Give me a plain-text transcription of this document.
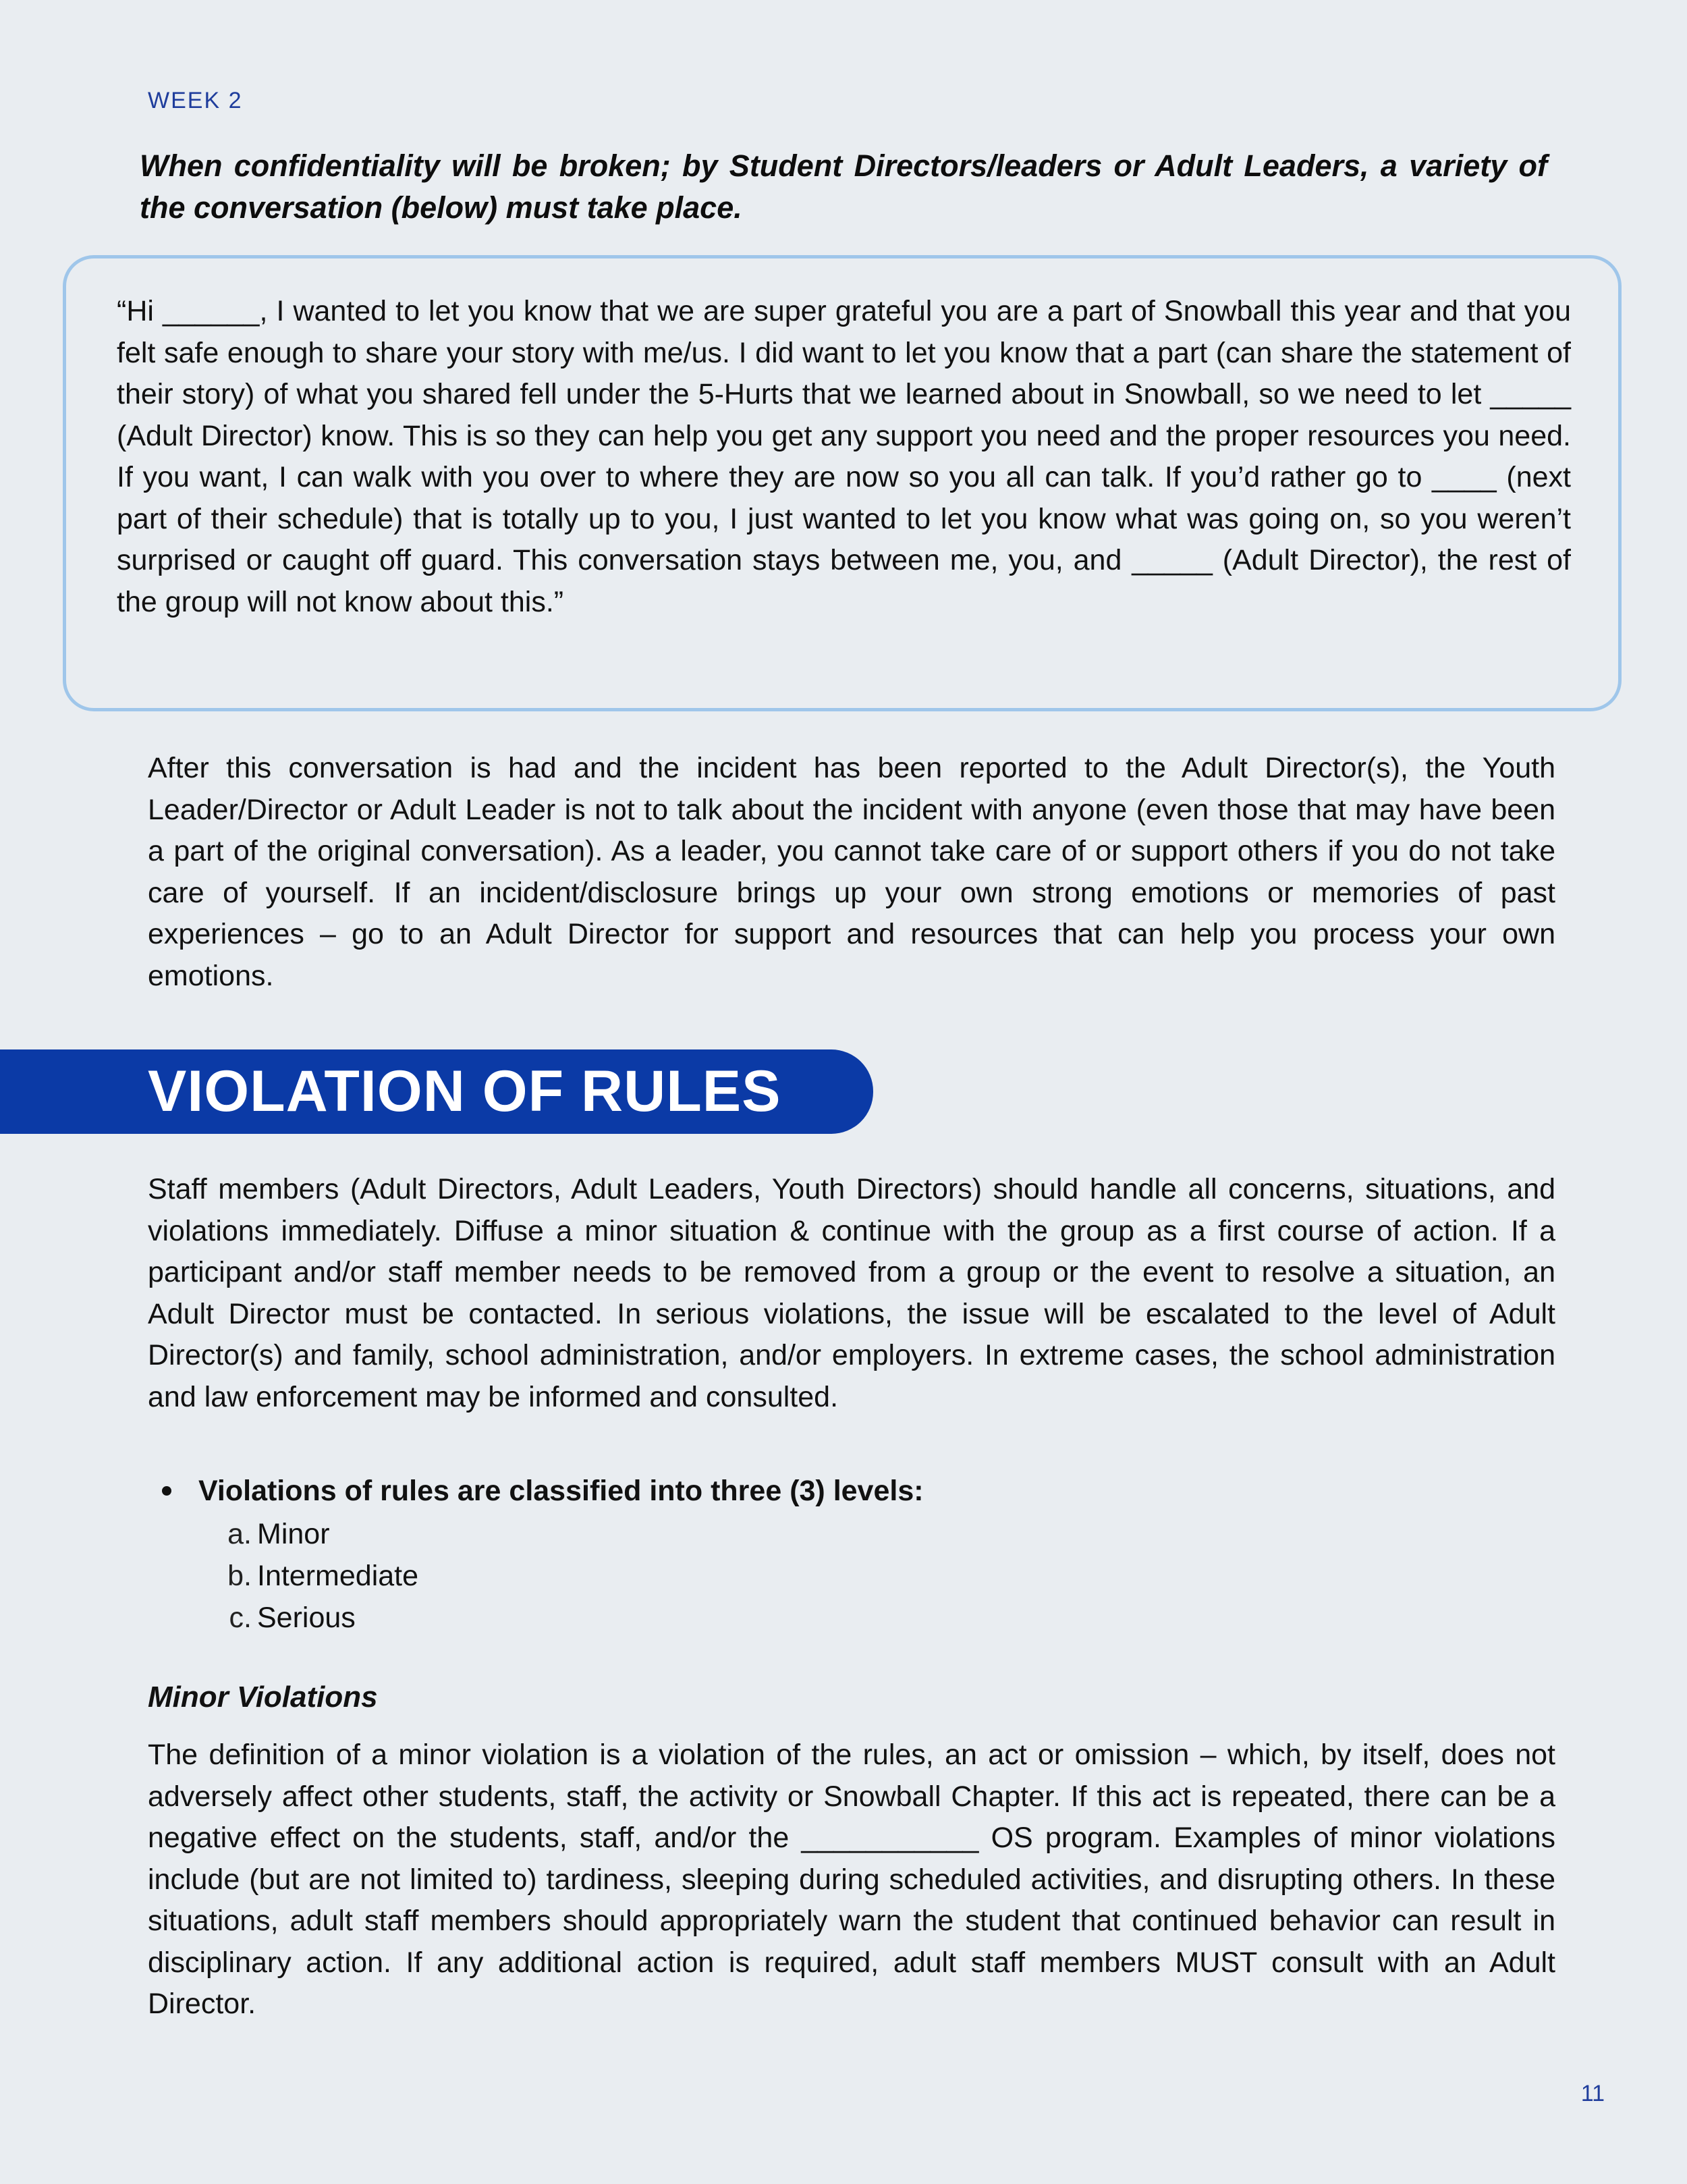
WEEK 2
When confidentiality will be broken; by Student Directors/leaders or Adult Leaders, a variety of the conversation (below) must take place.
“Hi ______, I wanted to let you know that we are super grateful you are a part of Snowball this year and that you felt safe enough to share your story with me/us. I did want to let you know that a part (can share the statement of their story) of what you shared fell under the 5-Hurts that we learned about in Snowball, so we need to let _____ (Adult Director) know. This is so they can help you get any support you need and the proper resources you need. If you want, I can walk with you over to where they are now so you all can talk. If you’d rather go to ____ (next part of their schedule) that is totally up to you, I just wanted to let you know what was going on, so you weren’t surprised or caught off guard. This conversation stays between me, you, and _____ (Adult Director), the rest of the group will not know about this.”
After this conversation is had and the incident has been reported to the Adult Director(s), the Youth Leader/Director or Adult Leader is not to talk about the incident with anyone (even those that may have been a part of the original conversation). As a leader, you cannot take care of or support others if you do not take care of yourself. If an incident/disclosure brings up your own strong emotions or memories of past experiences – go to an Adult Director for support and resources that can help you process your own emotions.
VIOLATION OF RULES
Staff members (Adult Directors, Adult Leaders, Youth Directors) should handle all concerns, situations, and violations immediately. Diffuse a minor situation & continue with the group as a first course of action. If a participant and/or staff member needs to be removed from a group or the event to resolve a situation, an Adult Director must be contacted. In serious violations, the issue will be escalated to the level of Adult Director(s) and family, school administration, and/or employers. In extreme cases, the school administration and law enforcement may be informed and consulted.
Violations of rules are classified into three (3) levels:
a. Minor
b. Intermediate
c. Serious
Minor Violations
The definition of a minor violation is a violation of the rules, an act or omission – which, by itself, does not adversely affect other students, staff, the activity or Snowball Chapter. If this act is repeated, there can be a negative effect on the students, staff, and/or the ___________ OS program. Examples of minor violations include (but are not limited to) tardiness, sleeping during scheduled activities, and disrupting others. In these situations, adult staff members should appropriately warn the student that continued behavior can result in disciplinary action. If any additional action is required, adult staff members MUST consult with an Adult Director.
11
